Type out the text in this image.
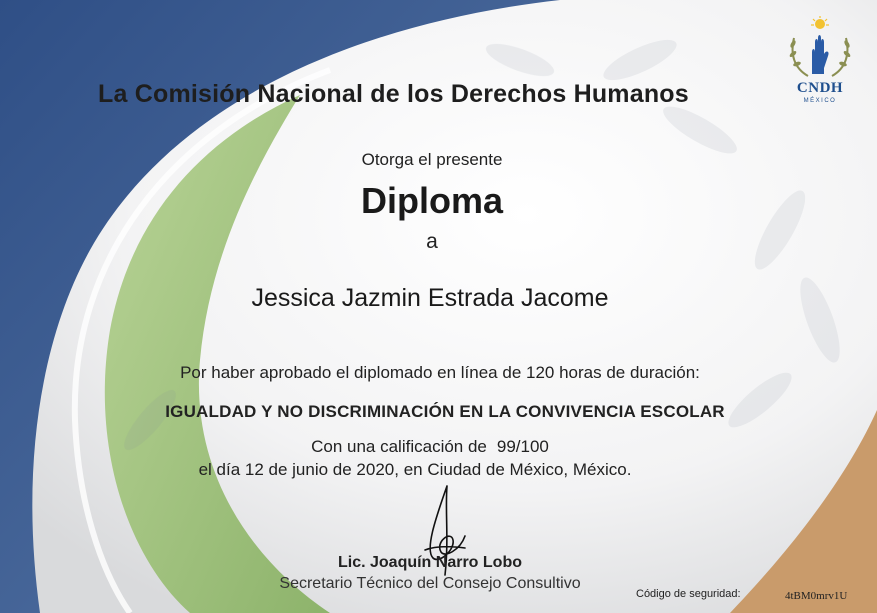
CNDH
MÉXICO
La Comisión Nacional de los Derechos Humanos
Otorga el presente
Diploma
a
Jessica Jazmin Estrada Jacome
Por haber aprobado el diplomado en línea de 120 horas de duración:
IGUALDAD Y NO DISCRIMINACIÓN EN LA CONVIVENCIA ESCOLAR
Con una calificación de 99/100
el día 12 de junio de 2020, en Ciudad de México, México.
Lic. Joaquín Narro Lobo
Secretario Técnico del Consejo Consultivo
Código de seguridad:	4tBM0mrv1U
